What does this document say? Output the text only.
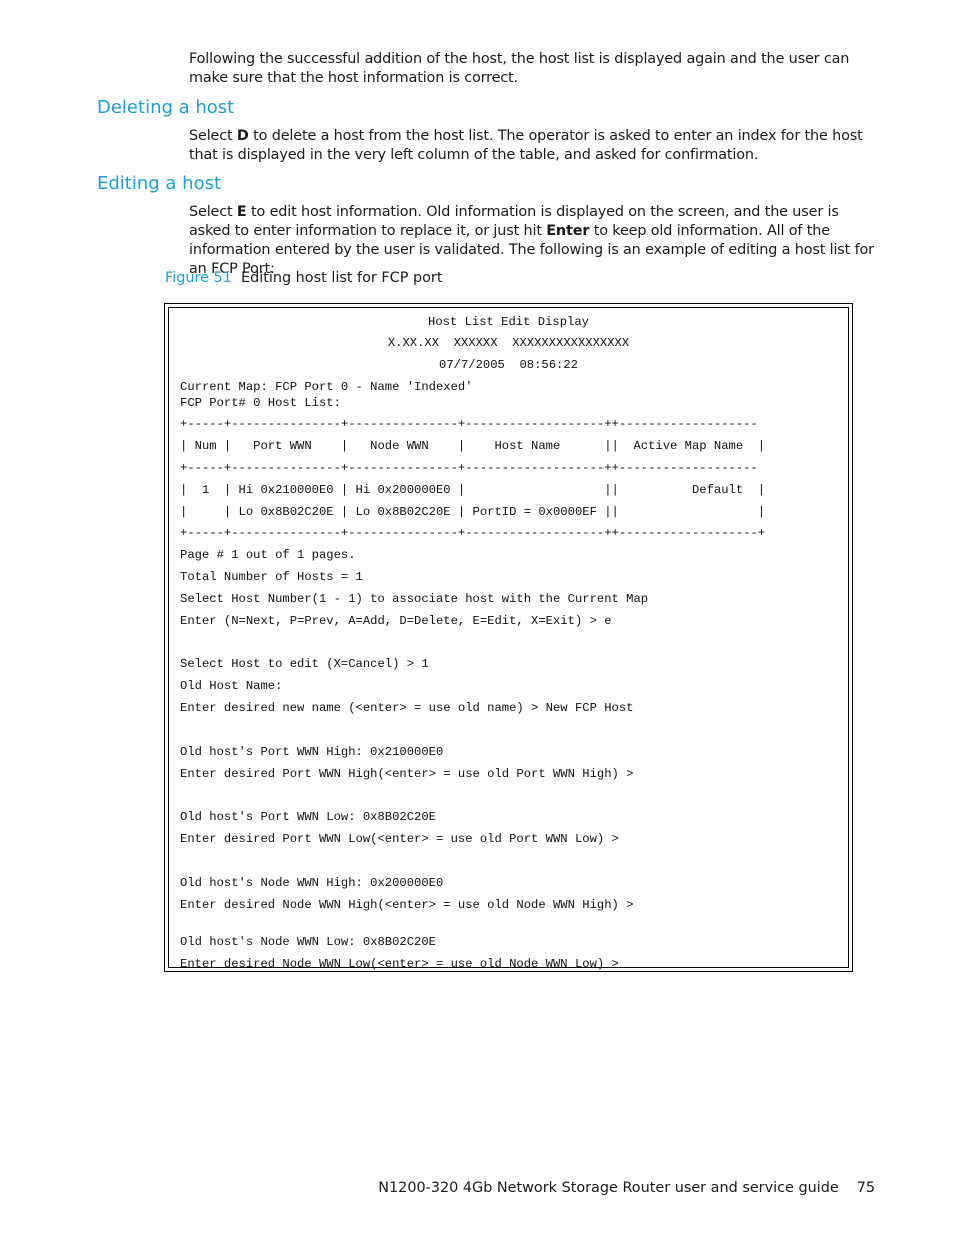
Following the successful addition of the host, the host list is displayed again and the user can make sure that the host information is correct.

Deleting a host

Select D to delete a host from the host list. The operator is asked to enter an index for the host that is displayed in the very left column of the table, and asked for confirmation.

Editing a host

Select E to edit host information. Old information is displayed on the screen, and the user is asked to enter information to replace it, or just hit Enter to keep old information. All of the information entered by the user is validated. The following is an example of editing a host list for an FCP Port:

Figure 51 Editing host list for FCP port
Host List Edit Display
X.XX.XX  XXXXXX  XXXXXXXXXXXXXXXX
07/7/2005  08:56:22
Current Map: FCP Port 0 - Name 'Indexed'
FCP Port# 0 Host List:
+-----+---------------+---------------+-------------------++-------------------
| Num |   Port WWN    |   Node WWN    |    Host Name      ||  Active Map Name  |
+-----+---------------+---------------+-------------------++-------------------
|  1  | Hi 0x210000E0 | Hi 0x200000E0 |                   ||          Default  |
|     | Lo 0x8B02C20E | Lo 0x8B02C20E | PortID = 0x0000EF ||                   |
+-----+---------------+---------------+-------------------++-------------------+
Page # 1 out of 1 pages.
Total Number of Hosts = 1
Select Host Number(1 - 1) to associate host with the Current Map
Enter (N=Next, P=Prev, A=Add, D=Delete, E=Edit, X=Exit) > e
Select Host to edit (X=Cancel) > 1
Old Host Name:
Enter desired new name (<enter> = use old name) > New FCP Host
Old host's Port WWN High: 0x210000E0
Enter desired Port WWN High(<enter> = use old Port WWN High) >
Old host's Port WWN Low: 0x8B02C20E
Enter desired Port WWN Low(<enter> = use old Port WWN Low) >
Old host's Node WWN High: 0x200000E0
Enter desired Node WWN High(<enter> = use old Node WWN High) >
Old host's Node WWN Low: 0x8B02C20E
Enter desired Node WWN Low(<enter> = use old Node WWN Low) >
N1200-320 4Gb Network Storage Router user and service guide 75
